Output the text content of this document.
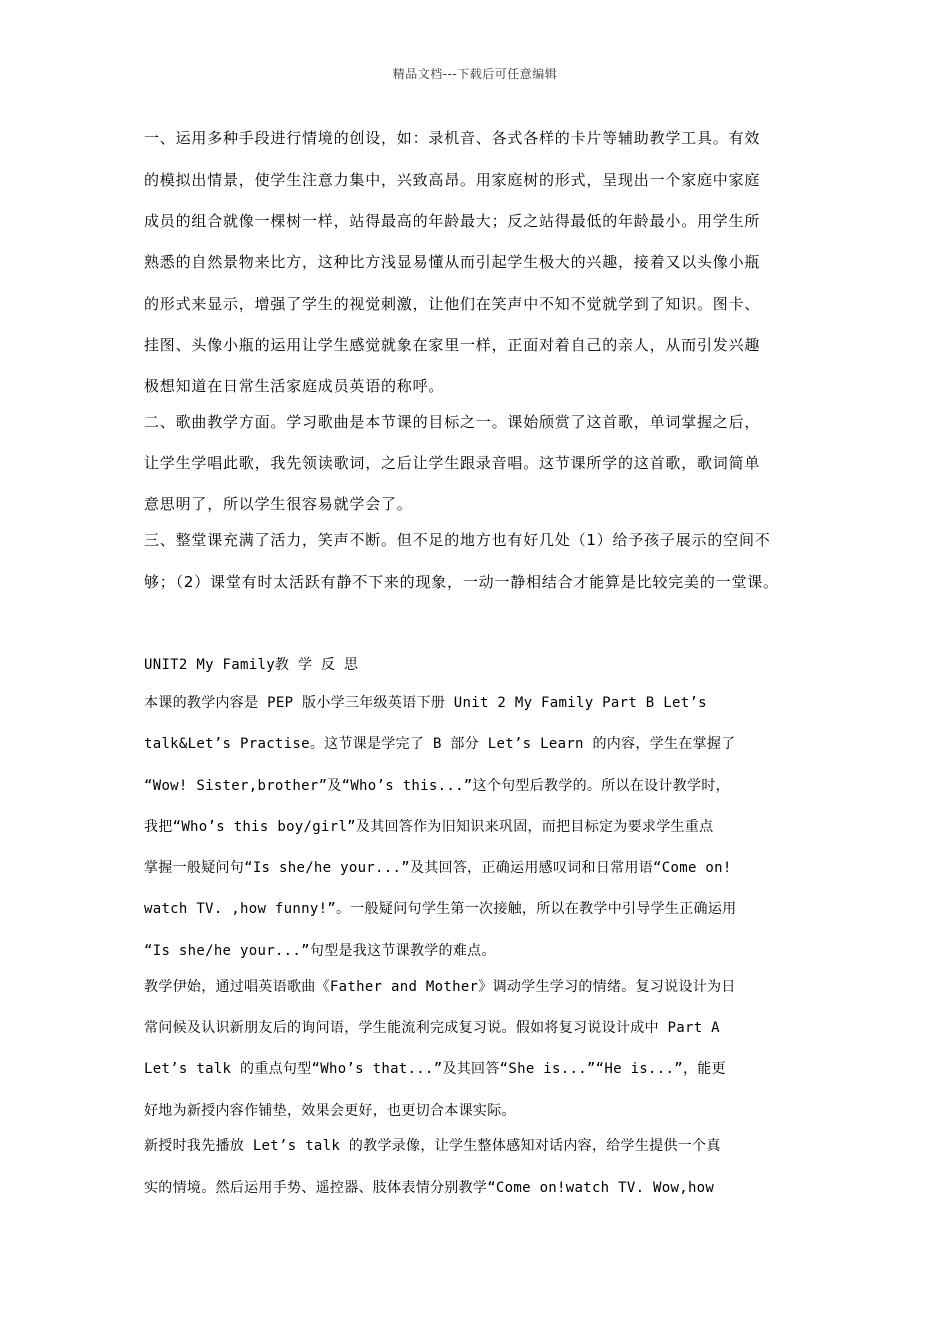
精品文档---下载后可任意编辑
一、运用多种手段进行情境的创设，如：录机音、各式各样的卡片等辅助教学工具。有效
的模拟出情景，使学生注意力集中，兴致高昂。用家庭树的形式，呈现出一个家庭中家庭
成员的组合就像一棵树一样，站得最高的年龄最大；反之站得最低的年龄最小。用学生所
熟悉的自然景物来比方，这种比方浅显易懂从而引起学生极大的兴趣，接着又以头像小瓶
的形式来显示，增强了学生的视觉刺激，让他们在笑声中不知不觉就学到了知识。图卡、
挂图、头像小瓶的运用让学生感觉就象在家里一样，正面对着自己的亲人，从而引发兴趣
极想知道在日常生活家庭成员英语的称呼。
二、歌曲教学方面。学习歌曲是本节课的目标之一。课始颀赏了这首歌，单词掌握之后，
让学生学唱此歌，我先领读歌词，之后让学生跟录音唱。这节课所学的这首歌，歌词简单
意思明了，所以学生很容易就学会了。
三、整堂课充满了活力，笑声不断。但不足的地方也有好几处（1）给予孩子展示的空间不
够；（2）课堂有时太活跃有静不下来的现象，一动一静相结合才能算是比较完美的一堂课。
UNIT2 My Family教 学 反 思
本课的教学内容是 PEP 版小学三年级英语下册 Unit 2 My Family Part B Let’s
talk&Let’s Practise。这节课是学完了 B 部分 Let’s Learn 的内容，学生在掌握了
“Wow! Sister,brother”及“Who’s this...”这个句型后教学的。所以在设计教学时，
我把“Who’s this boy/girl”及其回答作为旧知识来巩固，而把目标定为要求学生重点
掌握一般疑问句“Is she/he your...”及其回答，正确运用感叹词和日常用语“Come on!
watch TV. ,how funny!”。一般疑问句学生第一次接触，所以在教学中引导学生正确运用
“Is she/he your...”句型是我这节课教学的难点。
教学伊始，通过唱英语歌曲《Father and Mother》调动学生学习的情绪。复习说设计为日
常问候及认识新朋友后的询问语，学生能流利完成复习说。假如将复习说设计成中 Part A
Let’s talk 的重点句型“Who’s that...”及其回答“She is...”“He is...”，能更
好地为新授内容作铺垫，效果会更好，也更切合本课实际。
新授时我先播放 Let’s talk 的教学录像，让学生整体感知对话内容，给学生提供一个真
实的情境。然后运用手势、遥控器、肢体表情分别教学“Come on!watch TV. Wow,how
